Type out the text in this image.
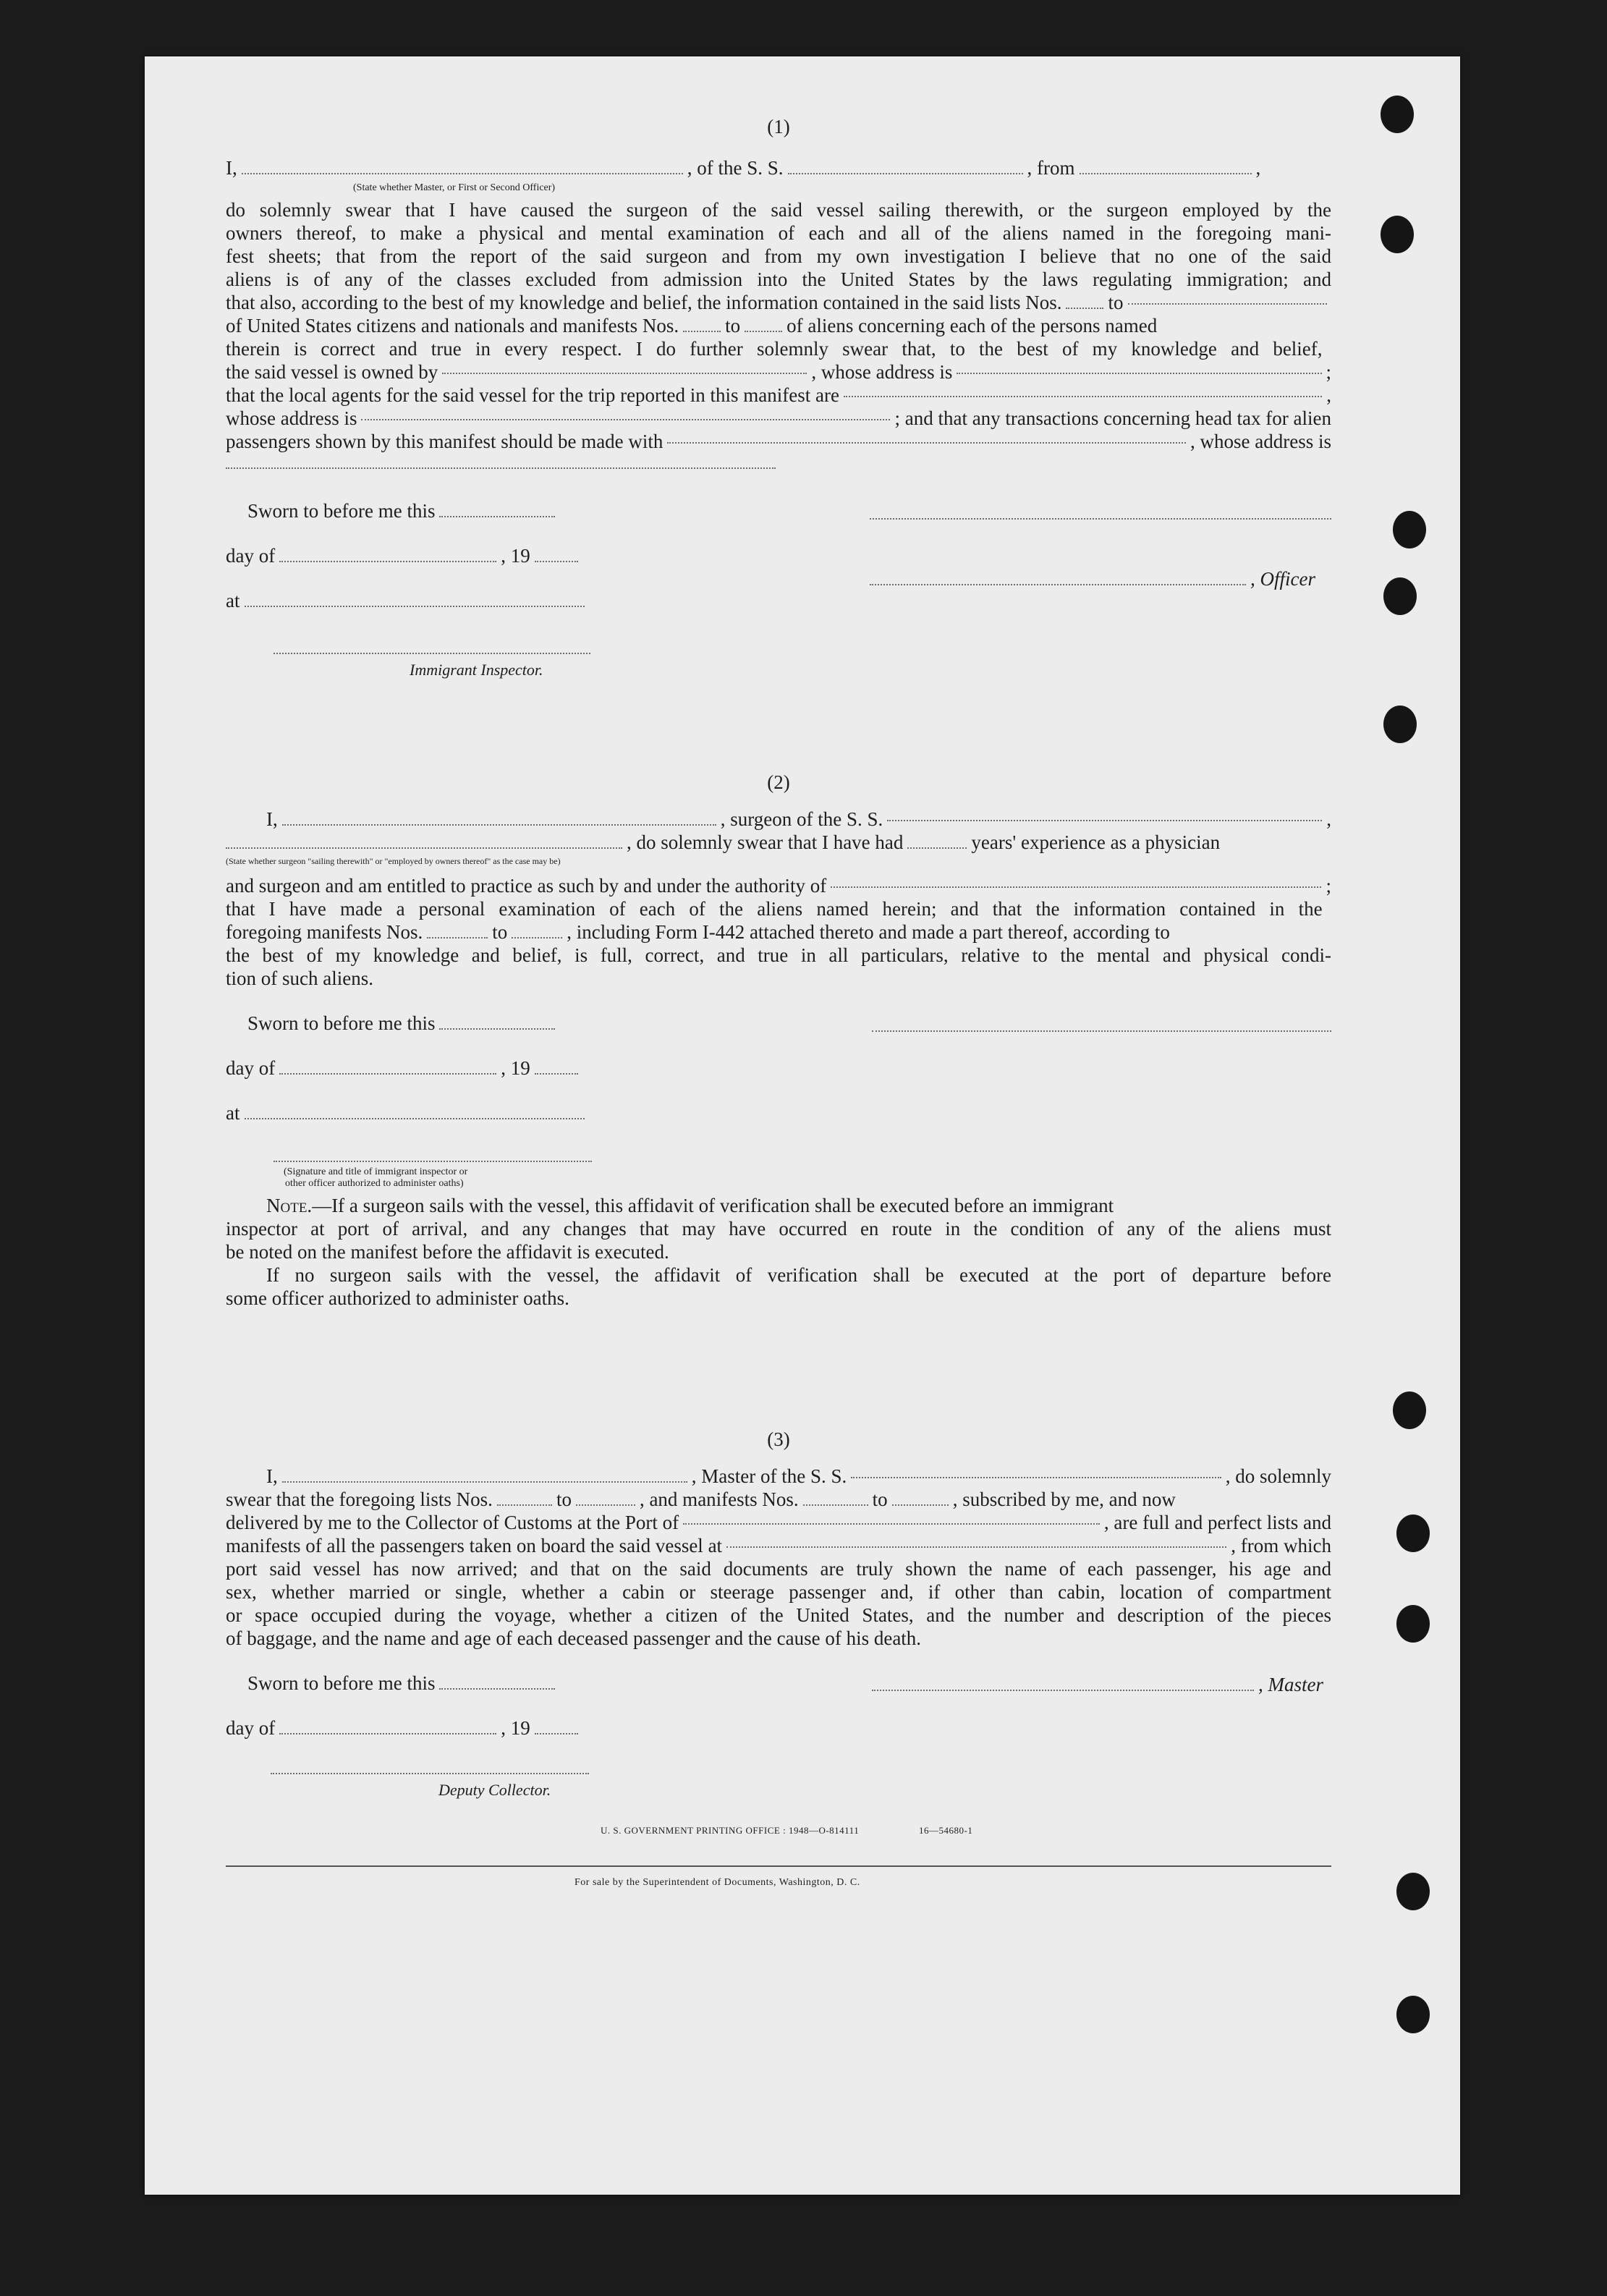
(1)
I,	, of the S. S.	, from	,
(State whether Master, or First or Second Officer)
do solemnly swear that I have caused the surgeon of the said vessel sailing therewith, or the surgeon employed by the
owners thereof, to make a physical and mental examination of each and all of the aliens named in the foregoing mani-
fest sheets; that from the report of the said surgeon and from my own investigation I believe that no one of the said
aliens is of any of the classes excluded from admission into the United States by the laws regulating immigration; and
that also, according to the best of my knowledge and belief, the information contained in the said lists Nos. to
of United States citizens and nationals and manifests Nos. to of aliens concerning each of the persons named
therein is correct and true in every respect. I do further solemnly swear that, to the best of my knowledge and belief,
the said vessel is owned by	, whose address is	;
that the local agents for the said vessel for the trip reported in this manifest are	,
whose address is	; and that any transactions concerning head tax for alien
passengers shown by this manifest should be made with	, whose address is
Sworn to before me this
day of	, 19
at
, Officer
Immigrant Inspector.
(2)
I,	, surgeon of the S. S.	,
, do solemnly swear that I have had	years' experience as a physician
(State whether surgeon "sailing therewith" or "employed by owners thereof" as the case may be)
and surgeon and am entitled to practice as such by and under the authority of	;
that I have made a personal examination of each of the aliens named herein; and that the information contained in the
foregoing manifests Nos.	to	, including Form I-442 attached thereto and made a part thereof, according to
the best of my knowledge and belief, is full, correct, and true in all particulars, relative to the mental and physical condi-
tion of such aliens.
Sworn to before me this
day of	, 19
at
(Signature and title of immigrant inspector or
other officer authorized to administer oaths)
Note.—If a surgeon sails with the vessel, this affidavit of verification shall be executed before an immigrant
inspector at port of arrival, and any changes that may have occurred en route in the condition of any of the aliens must
be noted on the manifest before the affidavit is executed.
If no surgeon sails with the vessel, the affidavit of verification shall be executed at the port of departure before
some officer authorized to administer oaths.
(3)
I,	, Master of the S. S.	, do solemnly
swear that the foregoing lists Nos.	to	, and manifests Nos.	to	, subscribed by me, and now
delivered by me to the Collector of Customs at the Port of	, are full and perfect lists and
manifests of all the passengers taken on board the said vessel at	, from which
port said vessel has now arrived; and that on the said documents are truly shown the name of each passenger, his age and
sex, whether married or single, whether a cabin or steerage passenger and, if other than cabin, location of compartment
or space occupied during the voyage, whether a citizen of the United States, and the number and description of the pieces
of baggage, and the name and age of each deceased passenger and the cause of his death.
Sworn to before me this	, Master
day of	, 19
Deputy Collector.
U. S. GOVERNMENT PRINTING OFFICE : 1948—O-814111	16—54680-1
For sale by the Superintendent of Documents, Washington, D. C.
